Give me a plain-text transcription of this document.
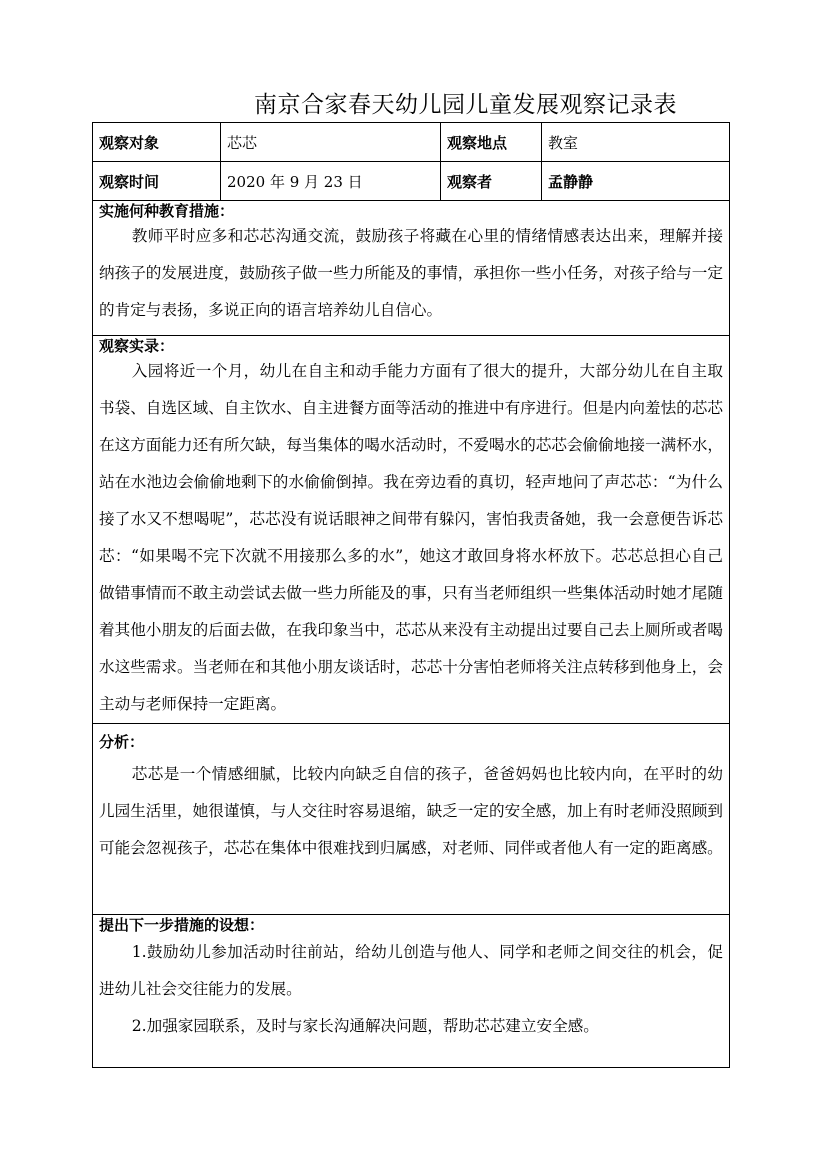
南京合家春天幼儿园儿童发展观察记录表
观察对象	芯芯	观察地点	教室
观察时间	2020 年 9 月 23 日	观察者	孟静静

实施何种教育措施：

教师平时应多和芯芯沟通交流，鼓励孩子将藏在心里的情绪情感表达出来，理解并接纳孩子的发展进度，鼓励孩子做一些力所能及的事情，承担你一些小任务，对孩子给与一定的肯定与表扬，多说正向的语言培养幼儿自信心。			

观察实录：

入园将近一个月，幼儿在自主和动手能力方面有了很大的提升，大部分幼儿在自主取书袋、自选区域、自主饮水、自主进餐方面等活动的推进中有序进行。但是内向羞怯的芯芯在这方面能力还有所欠缺，每当集体的喝水活动时，不爱喝水的芯芯会偷偷地接一满杯水，站在水池边会偷偷地剩下的水偷偷倒掉。我在旁边看的真切，轻声地问了声芯芯：“为什么接了水又不想喝呢”，芯芯没有说话眼神之间带有躲闪，害怕我责备她，我一会意便告诉芯芯：“如果喝不完下次就不用接那么多的水”，她这才敢回身将水杯放下。芯芯总担心自己做错事情而不敢主动尝试去做一些力所能及的事，只有当老师组织一些集体活动时她才尾随着其他小朋友的后面去做，在我印象当中，芯芯从来没有主动提出过要自己去上厕所或者喝水这些需求。当老师在和其他小朋友谈话时，芯芯十分害怕老师将关注点转移到他身上，会主动与老师保持一定距离。			

分析：

芯芯是一个情感细腻，比较内向缺乏自信的孩子，爸爸妈妈也比较内向，在平时的幼儿园生活里，她很谨慎，与人交往时容易退缩，缺乏一定的安全感，加上有时老师没照顾到可能会忽视孩子，芯芯在集体中很难找到归属感，对老师、同伴或者他人有一定的距离感。			

提出下一步措施的设想：

1.鼓励幼儿参加活动时往前站，给幼儿创造与他人、同学和老师之间交往的机会，促进幼儿社会交往能力的发展。

2.加强家园联系，及时与家长沟通解决问题，帮助芯芯建立安全感。			
